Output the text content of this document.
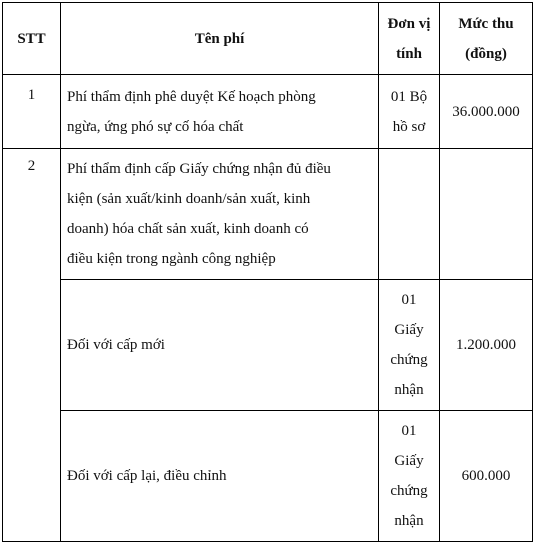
STT	Tên phí
Đơn vị
tính
Mức thu
(đồng)
1 Phí thẩm định phê duyệt Kế hoạch phòng
ngừa, ứng phó sự cố hóa chất
01 Bộ
hồ sơ
36.000.000
2 Phí thẩm định cấp Giấy chứng nhận đủ điều
kiện (sản xuất/kinh doanh/sản xuất, kinh
doanh) hóa chất sản xuất, kinh doanh có
điều kiện trong ngành công nghiệp
Đối với cấp mới
01
Giấy
chứng
nhận
1.200.000
Đối với cấp lại, điều chỉnh
01
Giấy
chứng
nhận
600.000
